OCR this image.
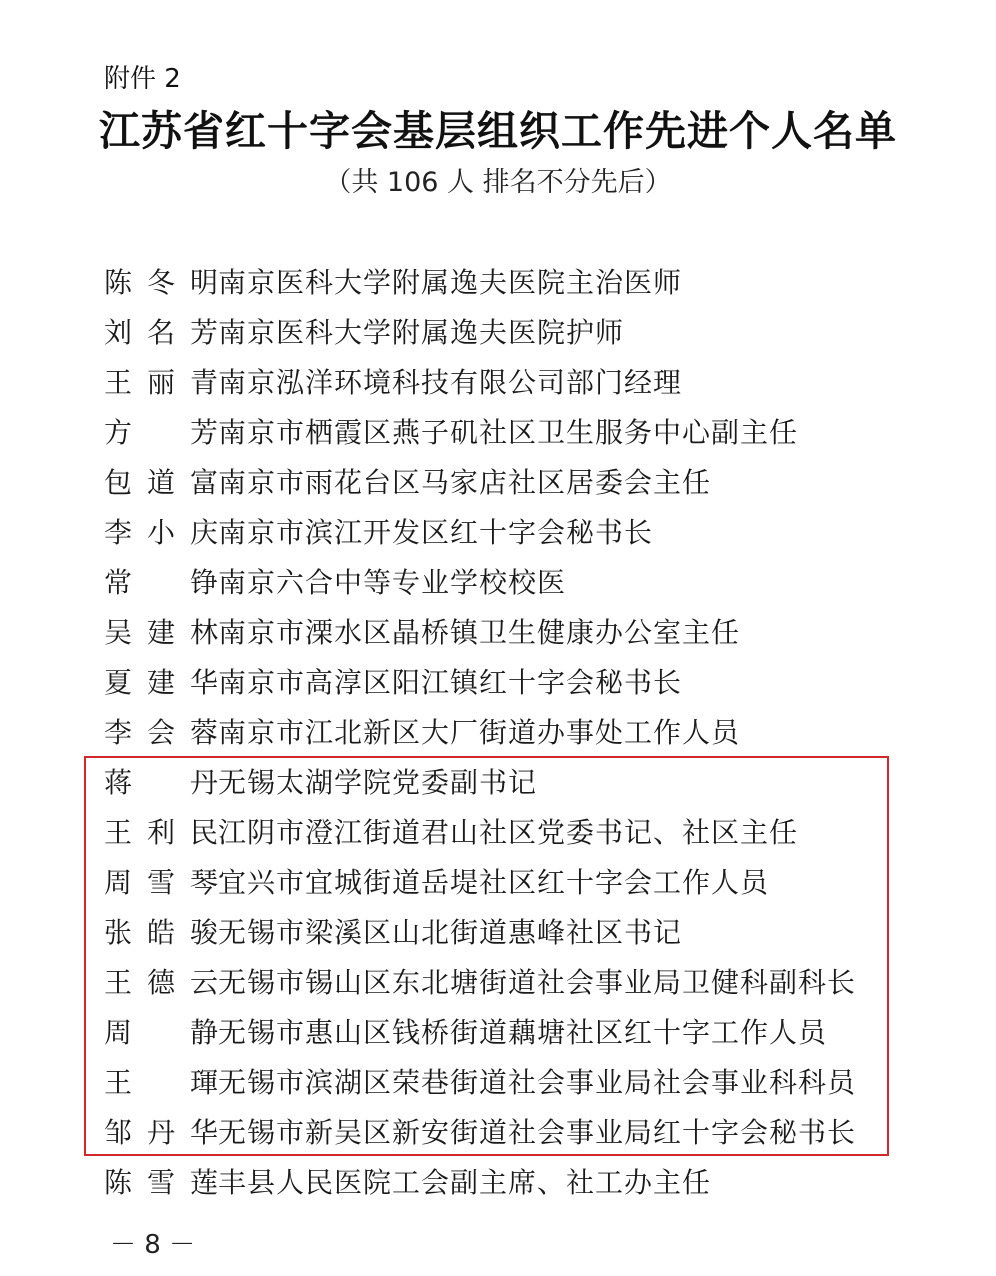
附件 2
江苏省红十字会基层组织工作先进个人名单
（共 106 人 排名不分先后）
陈冬明 南京医科大学附属逸夫医院主治医师
刘名芳 南京医科大学附属逸夫医院护师
王丽青 南京泓洋环境科技有限公司部门经理
方芳 南京市栖霞区燕子矶社区卫生服务中心副主任
包道富 南京市雨花台区马家店社区居委会主任
李小庆 南京市滨江开发区红十字会秘书长
常铮 南京六合中等专业学校校医
吴建林 南京市溧水区晶桥镇卫生健康办公室主任
夏建华 南京市高淳区阳江镇红十字会秘书长
李会蓉 南京市江北新区大厂街道办事处工作人员
蒋丹 无锡太湖学院党委副书记
王利民 江阴市澄江街道君山社区党委书记、社区主任
周雪琴 宜兴市宜城街道岳堤社区红十字会工作人员
张皓骏 无锡市梁溪区山北街道惠峰社区书记
王德云 无锡市锡山区东北塘街道社会事业局卫健科副科长
周静 无锡市惠山区钱桥街道藕塘社区红十字工作人员
王琿 无锡市滨湖区荣巷街道社会事业局社会事业科科员
邹丹华 无锡市新吴区新安街道社会事业局红十字会秘书长
陈雪莲 丰县人民医院工会副主席、社工办主任
－ 8 －
